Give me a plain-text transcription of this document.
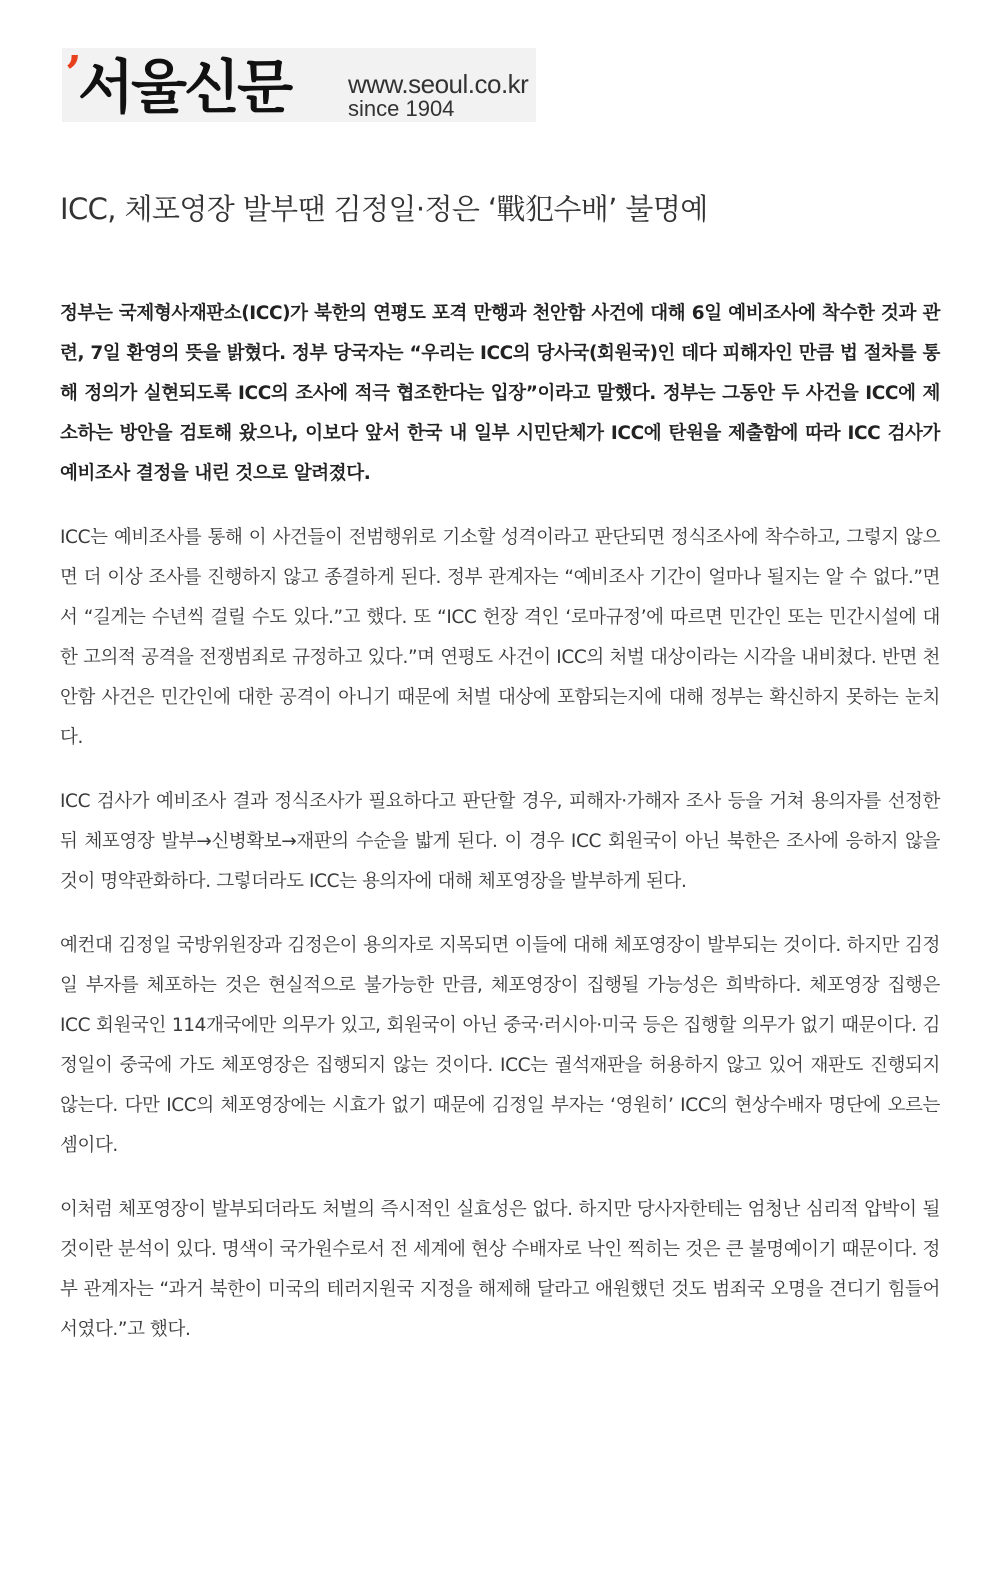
’
서울신문 www.seoul.co.kr
since 1904
ICC, 체포영장 발부땐 김정일·정은 ‘戰犯수배’ 불명예

정부는 국제형사재판소(ICC)가 북한의 연평도 포격 만행과 천안함 사건에 대해 6일 예비조사에 착수한 것과 관련, 7일 환영의 뜻을 밝혔다. 정부 당국자는 “우리는 ICC의 당사국(회원국)인 데다 피해자인 만큼 법 절차를 통해 정의가 실현되도록 ICC의 조사에 적극 협조한다는 입장”이라고 말했다. 정부는 그동안 두 사건을 ICC에 제소하는 방안을 검토해 왔으나, 이보다 앞서 한국 내 일부 시민단체가 ICC에 탄원을 제출함에 따라 ICC 검사가 예비조사 결정을 내린 것으로 알려졌다.

ICC는 예비조사를 통해 이 사건들이 전범행위로 기소할 성격이라고 판단되면 정식조사에 착수하고, 그렇지 않으면 더 이상 조사를 진행하지 않고 종결하게 된다. 정부 관계자는 “예비조사 기간이 얼마나 될지는 알 수 없다.”면서 “길게는 수년씩 걸릴 수도 있다.”고 했다. 또 “ICC 헌장 격인 ‘로마규정’에 따르면 민간인 또는 민간시설에 대한 고의적 공격을 전쟁범죄로 규정하고 있다.”며 연평도 사건이 ICC의 처벌 대상이라는 시각을 내비쳤다. 반면 천안함 사건은 민간인에 대한 공격이 아니기 때문에 처벌 대상에 포함되는지에 대해 정부는 확신하지 못하는 눈치다.

ICC 검사가 예비조사 결과 정식조사가 필요하다고 판단할 경우, 피해자·가해자 조사 등을 거쳐 용의자를 선정한 뒤 체포영장 발부→신병확보→재판의 수순을 밟게 된다. 이 경우 ICC 회원국이 아닌 북한은 조사에 응하지 않을 것이 명약관화하다. 그렇더라도 ICC는 용의자에 대해 체포영장을 발부하게 된다.

예컨대 김정일 국방위원장과 김정은이 용의자로 지목되면 이들에 대해 체포영장이 발부되는 것이다. 하지만 김정일 부자를 체포하는 것은 현실적으로 불가능한 만큼, 체포영장이 집행될 가능성은 희박하다. 체포영장 집행은 ICC 회원국인 114개국에만 의무가 있고, 회원국이 아닌 중국·러시아·미국 등은 집행할 의무가 없기 때문이다. 김정일이 중국에 가도 체포영장은 집행되지 않는 것이다. ICC는 궐석재판을 허용하지 않고 있어 재판도 진행되지 않는다. 다만 ICC의 체포영장에는 시효가 없기 때문에 김정일 부자는 ‘영원히’ ICC의 현상수배자 명단에 오르는 셈이다.

이처럼 체포영장이 발부되더라도 처벌의 즉시적인 실효성은 없다. 하지만 당사자한테는 엄청난 심리적 압박이 될 것이란 분석이 있다. 명색이 국가원수로서 전 세계에 현상 수배자로 낙인 찍히는 것은 큰 불명예이기 때문이다. 정부 관계자는 “과거 북한이 미국의 테러지원국 지정을 해제해 달라고 애원했던 것도 범죄국 오명을 견디기 힘들어서였다.”고 했다.
